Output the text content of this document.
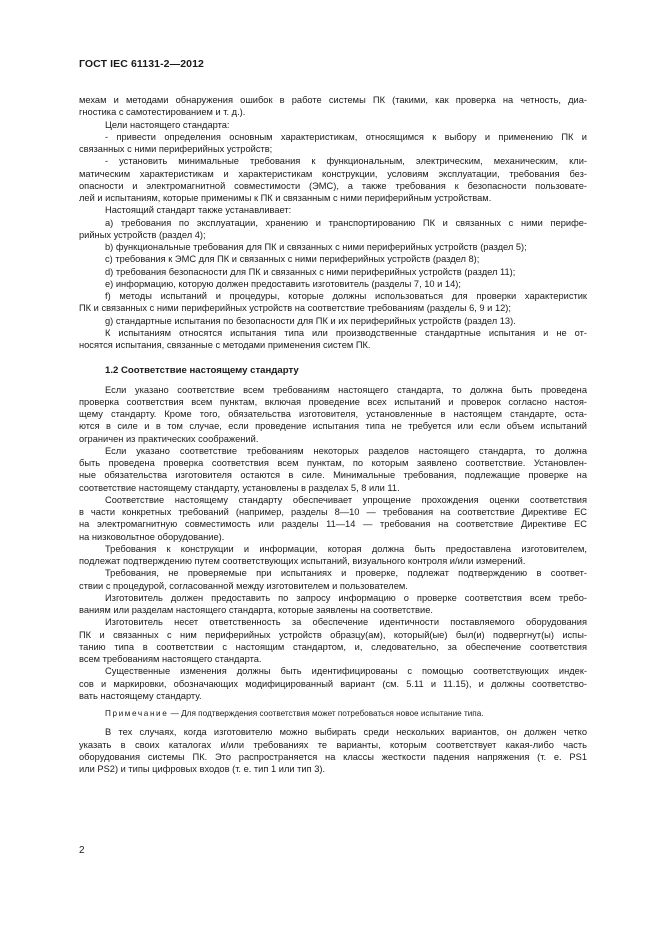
ГОСТ IEC 61131-2—2012
мехам и методами обнаружения ошибок в работе системы ПК (такими, как проверка на четность, диа-
гностика с самотестированием и т. д.).
Цели настоящего стандарта:
- привести определения основным характеристикам, относящимся к выбору и применению ПК и
связанных с ними периферийных устройств;
- установить минимальные требования к функциональным, электрическим, механическим, кли-
матическим характеристикам и характеристикам конструкции, условиям эксплуатации, требования без-
опасности и электромагнитной совместимости (ЭМС), а также требования к безопасности пользовате-
лей и испытаниям, которые применимы к ПК и связанным с ними периферийным устройствам.
Настоящий стандарт также устанавливает:
a) требования по эксплуатации, хранению и транспортированию ПК и связанных с ними перифе-
рийных устройств (раздел 4);
b) функциональные требования для ПК и связанных с ними периферийных устройств (раздел 5);
c) требования к ЭМС для ПК и связанных с ними периферийных устройств (раздел 8);
d) требования безопасности для ПК и связанных с ними периферийных устройств (раздел 11);
e) информацию, которую должен предоставить изготовитель (разделы 7, 10 и 14);
f) методы испытаний и процедуры, которые должны использоваться для проверки характеристик
ПК и связанных с ними периферийных устройств на соответствие требованиям (разделы 6, 9 и 12);
g) стандартные испытания по безопасности для ПК и их периферийных устройств (раздел 13).
К испытаниям относятся испытания типа или производственные стандартные испытания и не от-
носятся испытания, связанные с методами применения систем ПК.
1.2 Соответствие настоящему стандарту
Если указано соответствие всем требованиям настоящего стандарта, то должна быть проведена
проверка соответствия всем пунктам, включая проведение всех испытаний и проверок согласно настоя-
щему стандарту. Кроме того, обязательства изготовителя, установленные в настоящем стандарте, оста-
ются в силе и в том случае, если проведение испытания типа не требуется или если объем испытаний
ограничен из практических соображений.
Если указано соответствие требованиям некоторых разделов настоящего стандарта, то должна
быть проведена проверка соответствия всем пунктам, по которым заявлено соответствие. Установлен-
ные обязательства изготовителя остаются в силе. Минимальные требования, подлежащие проверке на
соответствие настоящему стандарту, установлены в разделах 5, 8 или 11.
Соответствие настоящему стандарту обеспечивает упрощение прохождения оценки соответствия
в части конкретных требований (например, разделы 8—10 — требования на соответствие Директиве ЕС
на электромагнитную совместимость или разделы 11—14 — требования на соответствие Директиве ЕС
на низковольтное оборудование).
Требования к конструкции и информации, которая должна быть предоставлена изготовителем,
подлежат подтверждению путем соответствующих испытаний, визуального контроля и/или измерений.
Требования, не проверяемые при испытаниях и проверке, подлежат подтверждению в соответ-
ствии с процедурой, согласованной между изготовителем и пользователем.
Изготовитель должен предоставить по запросу информацию о проверке соответствия всем требо-
ваниям или разделам настоящего стандарта, которые заявлены на соответствие.
Изготовитель несет ответственность за обеспечение идентичности поставляемого оборудования
ПК и связанных с ним периферийных устройств образцу(ам), который(ые) был(и) подвергнут(ы) испы-
танию типа в соответствии с настоящим стандартом, и, следовательно, за обеспечение соответствия
всем требованиям настоящего стандарта.
Существенные изменения должны быть идентифицированы с помощью соответствующих индек-
сов и маркировки, обозначающих модифицированный вариант (см. 5.11 и 11.15), и должны соответство-
вать настоящему стандарту.
Примечание — Для подтверждения соответствия может потребоваться новое испытание типа.
В тех случаях, когда изготовителю можно выбирать среди нескольких вариантов, он должен четко
указать в своих каталогах и/или требованиях те варианты, которым соответствует какая-либо часть
оборудования системы ПК. Это распространяется на классы жесткости падения напряжения (т. е. PS1
или PS2) и типы цифровых входов (т. е. тип 1 или тип 3).
2
